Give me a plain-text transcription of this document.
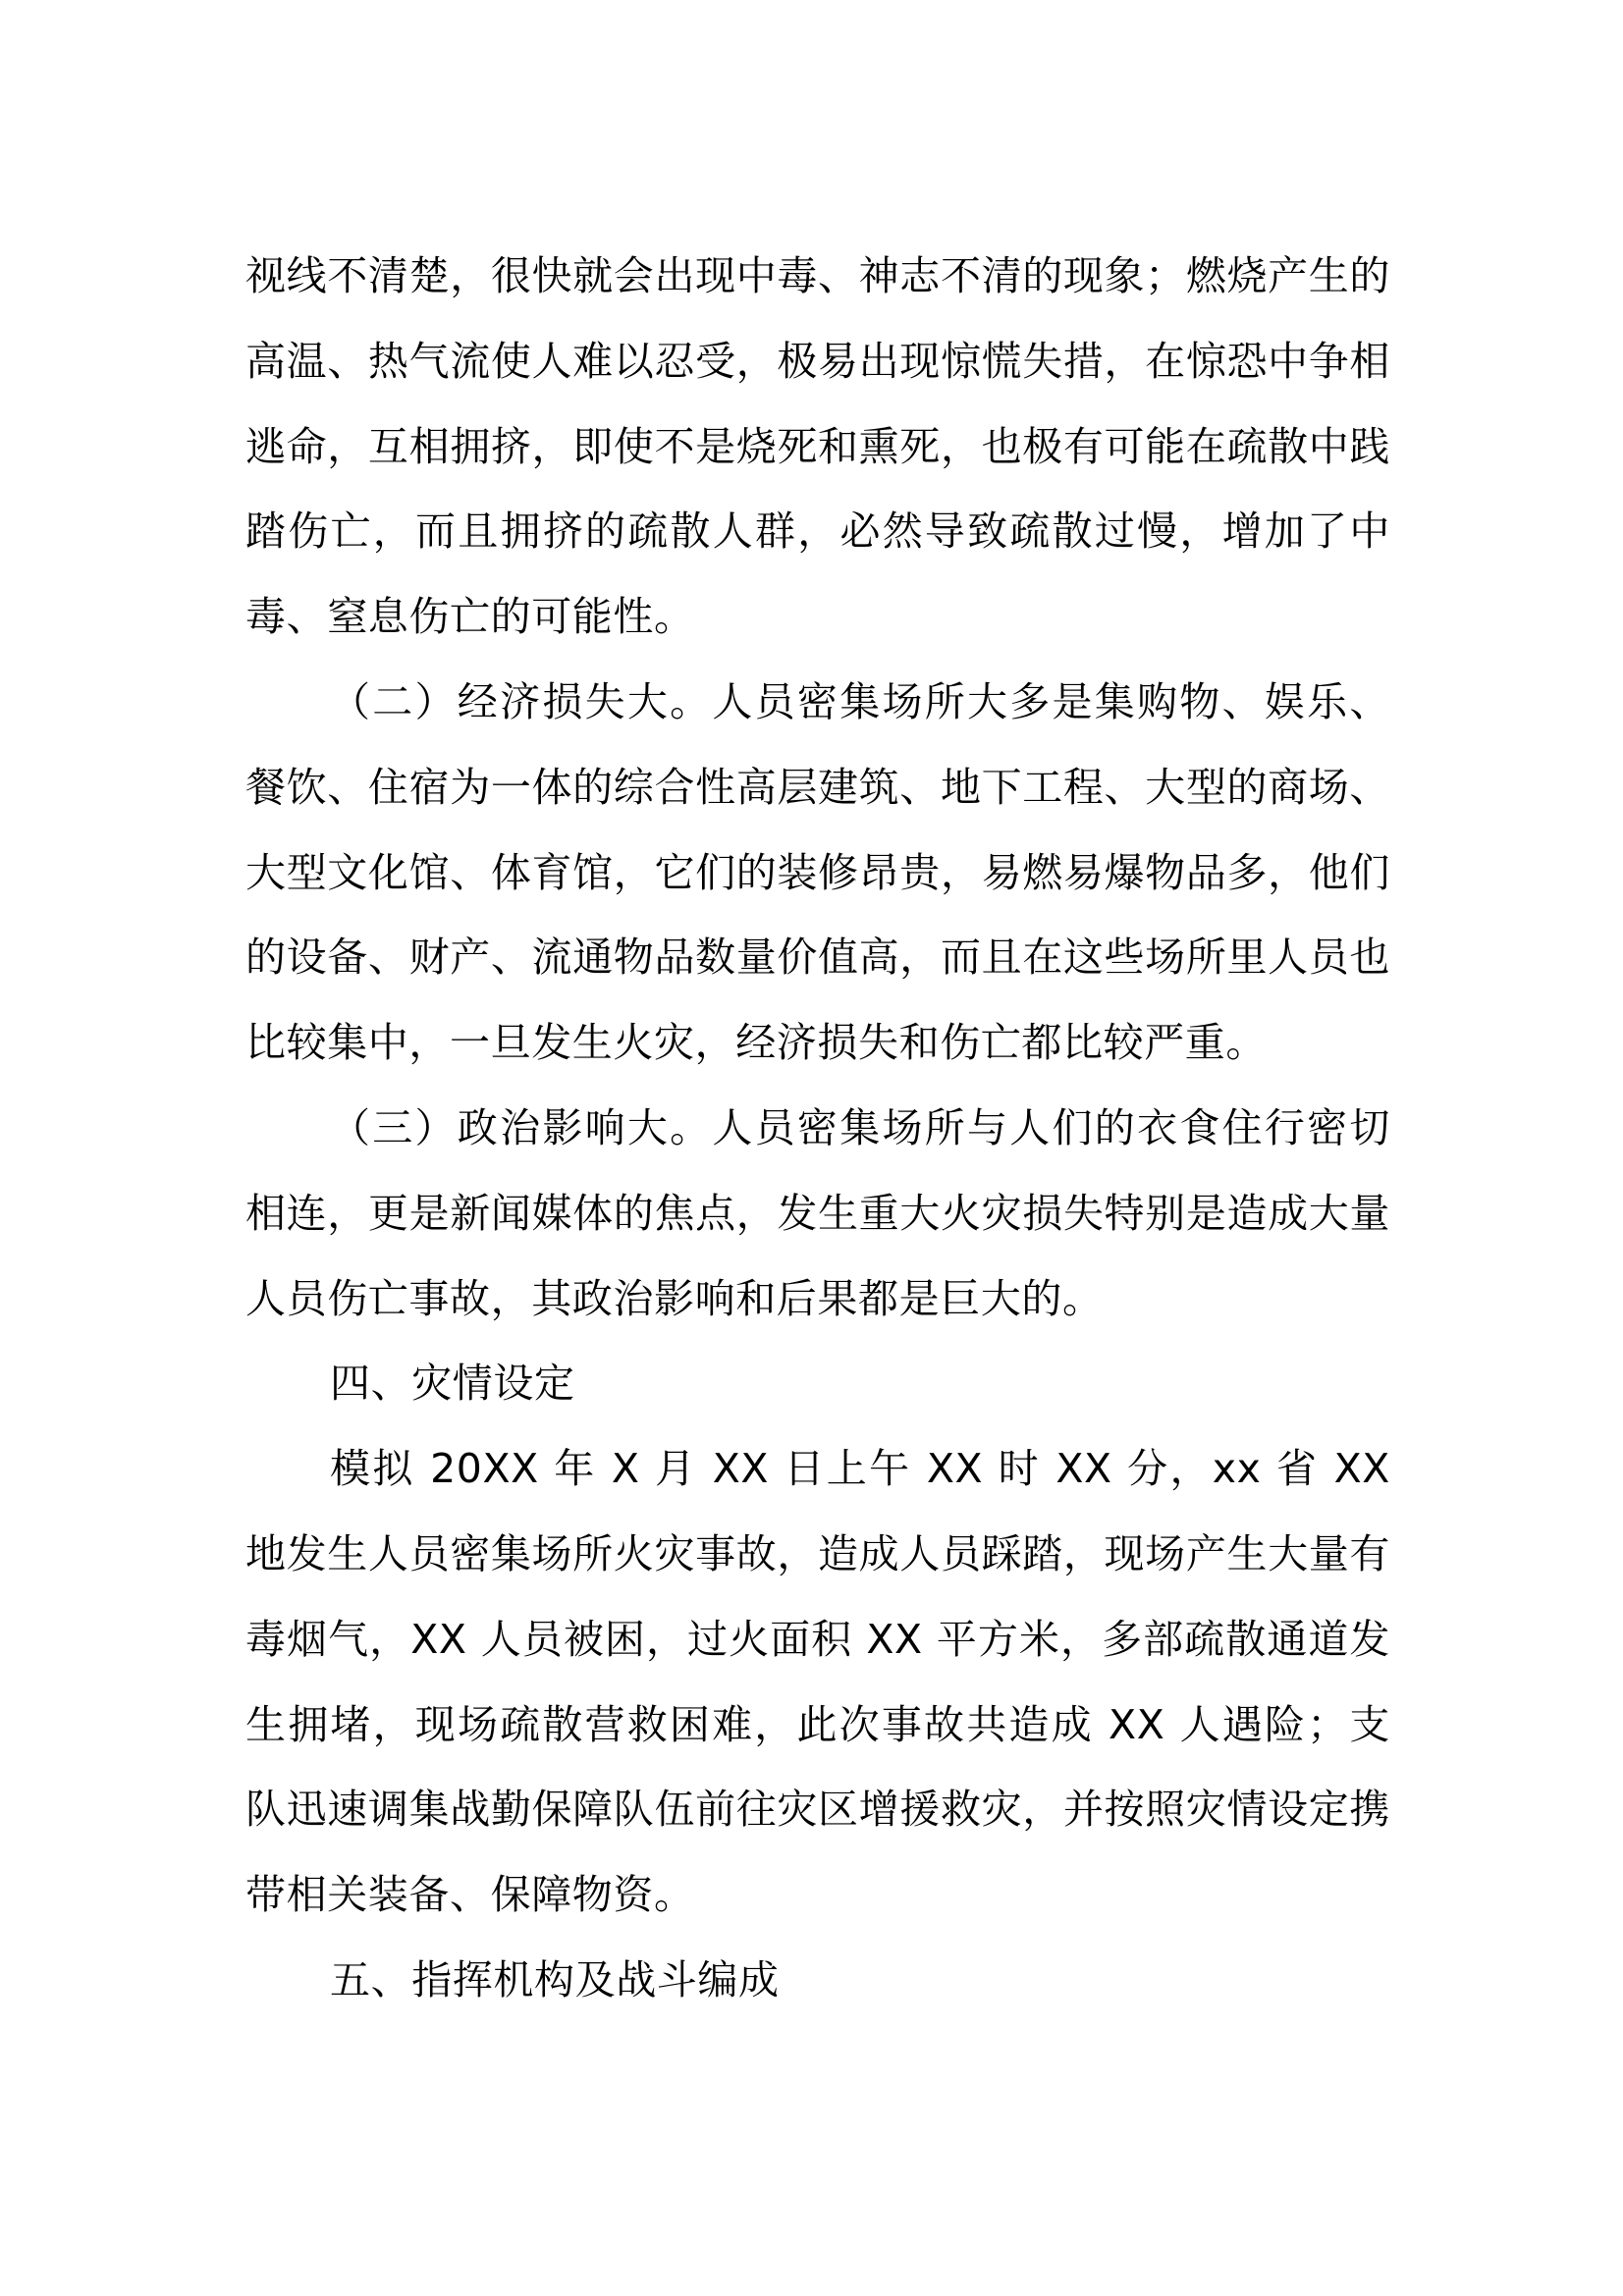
视线不清楚，很快就会出现中毒、神志不清的现象；燃烧产生的高温、热气流使人难以忍受，极易出现惊慌失措，在惊恐中争相逃命，互相拥挤，即使不是烧死和熏死，也极有可能在疏散中践踏伤亡，而且拥挤的疏散人群，必然导致疏散过慢，增加了中毒、窒息伤亡的可能性。

（二）经济损失大。人员密集场所大多是集购物、娱乐、餐饮、住宿为一体的综合性高层建筑、地下工程、大型的商场、大型文化馆、体育馆，它们的装修昂贵，易燃易爆物品多，他们的设备、财产、流通物品数量价值高，而且在这些场所里人员也比较集中，一旦发生火灾，经济损失和伤亡都比较严重。

（三）政治影响大。人员密集场所与人们的衣食住行密切相连，更是新闻媒体的焦点，发生重大火灾损失特别是造成大量人员伤亡事故，其政治影响和后果都是巨大的。

四、灾情设定

模拟 20XX 年 X 月 XX 日上午 XX 时 XX 分，xx 省 XX 地发生人员密集场所火灾事故，造成人员踩踏，现场产生大量有毒烟气，XX 人员被困，过火面积 XX 平方米，多部疏散通道发生拥堵，现场疏散营救困难，此次事故共造成 XX 人遇险；支队迅速调集战勤保障队伍前往灾区增援救灾，并按照灾情设定携带相关装备、保障物资。

五、指挥机构及战斗编成
